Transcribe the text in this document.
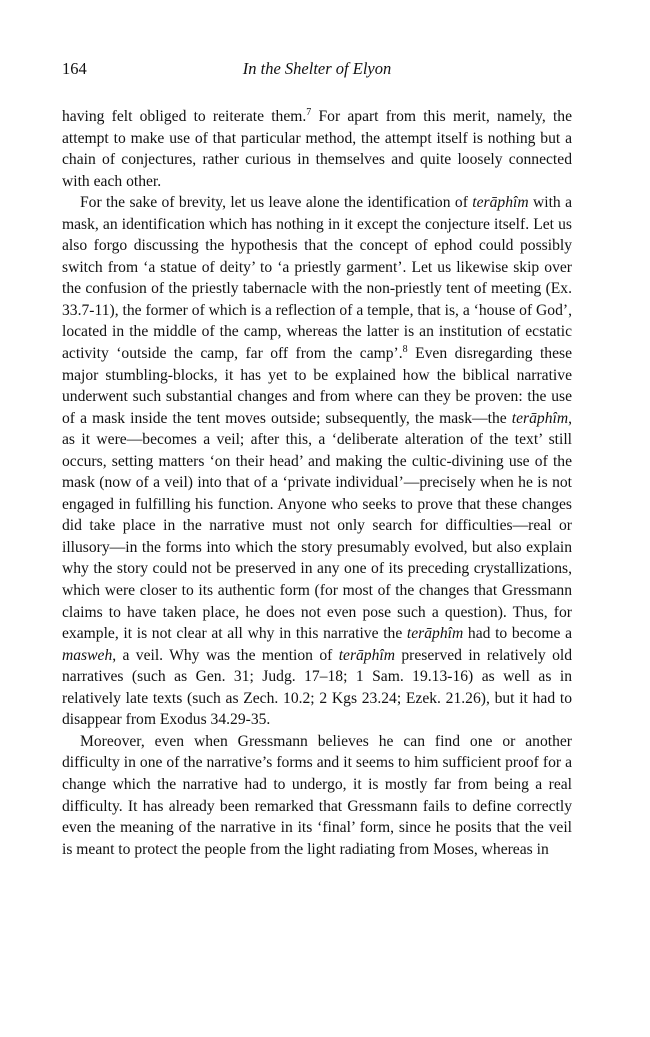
164	In the Shelter of Elyon

having felt obliged to reiterate them.$^7$ For apart from this merit, namely, the attempt to make use of that particular method, the attempt itself is nothing but a chain of conjectures, rather curious in themselves and quite loosely connected with each other.

For the sake of brevity, let us leave alone the identification of terāphîm with a mask, an identification which has nothing in it except the conjecture itself. Let us also forgo discussing the hypothesis that the concept of ephod could possibly switch from ‘a statue of deity’ to ‘a priestly garment’. Let us likewise skip over the confusion of the priestly tabernacle with the non-priestly tent of meeting (Ex. 33.7-11), the former of which is a reflection of a temple, that is, a ‘house of God’, located in the middle of the camp, whereas the latter is an institution of ecstatic activity ‘outside the camp, far off from the camp’.$^8$ Even disregarding these major stumbling-blocks, it has yet to be explained how the biblical narrative underwent such substantial changes and from where can they be proven: the use of a mask inside the tent moves outside; subsequently, the mask—the terāphîm, as it were—becomes a veil; after this, a ‘deliberate alteration of the text’ still occurs, setting matters ‘on their head’ and making the cultic-divining use of the mask (now of a veil) into that of a ‘private individual’—precisely when he is not engaged in fulfilling his function. Anyone who seeks to prove that these changes did take place in the narrative must not only search for difficulties—real or illusory—in the forms into which the story presumably evolved, but also explain why the story could not be preserved in any one of its preceding crystallizations, which were closer to its authentic form (for most of the changes that Gressmann claims to have taken place, he does not even pose such a question). Thus, for example, it is not clear at all why in this narrative the terāphîm had to become a masweh, a veil. Why was the mention of terāphîm preserved in relatively old narratives (such as Gen. 31; Judg. 17–18; 1 Sam. 19.13-16) as well as in relatively late texts (such as Zech. 10.2; 2 Kgs 23.24; Ezek. 21.26), but it had to disappear from Exodus 34.29-35.

Moreover, even when Gressmann believes he can find one or another difficulty in one of the narrative’s forms and it seems to him sufficient proof for a change which the narrative had to undergo, it is mostly far from being a real difficulty. It has already been remarked that Gressmann fails to define correctly even the meaning of the narrative in its ‘final’ form, since he posits that the veil is meant to protect the people from the light radiating from Moses, whereas in
